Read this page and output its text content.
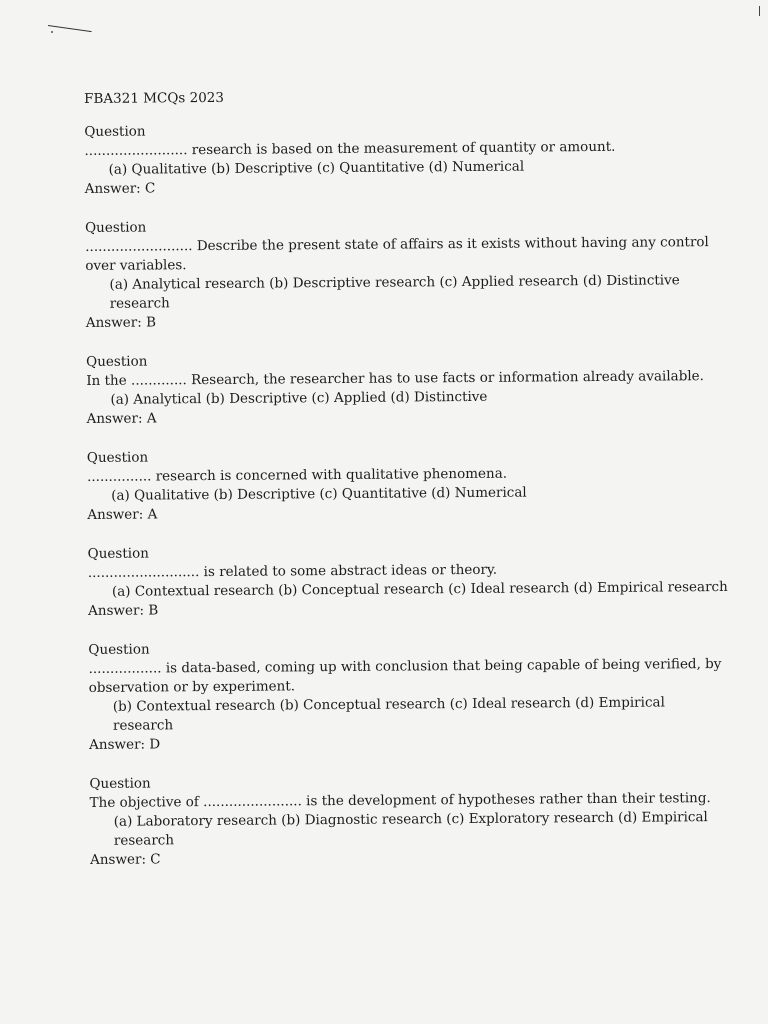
FBA321 MCQs 2023

Question

........................ research is based on the measurement of quantity or amount.

(a) Qualitative (b) Descriptive (c) Quantitative (d) Numerical

Answer: C

Question

......................... Describe the present state of affairs as it exists without having any control over variables.

(a) Analytical research (b) Descriptive research (c) Applied research (d) Distinctive research

Answer: B

Question

In the ............. Research, the researcher has to use facts or information already available.

(a) Analytical (b) Descriptive (c) Applied (d) Distinctive

Answer: A

Question

............... research is concerned with qualitative phenomena.

(a) Qualitative (b) Descriptive (c) Quantitative (d) Numerical

Answer: A

Question

.......................... is related to some abstract ideas or theory.

(a) Contextual research (b) Conceptual research (c) Ideal research (d) Empirical research

Answer: B

Question

................. is data-based, coming up with conclusion that being capable of being verified, by observation or by experiment.

(b) Contextual research (b) Conceptual research (c) Ideal research (d) Empirical research

Answer: D

Question

The objective of ....................... is the development of hypotheses rather than their testing.

(a) Laboratory research (b) Diagnostic research (c) Exploratory research (d) Empirical research

Answer: C
